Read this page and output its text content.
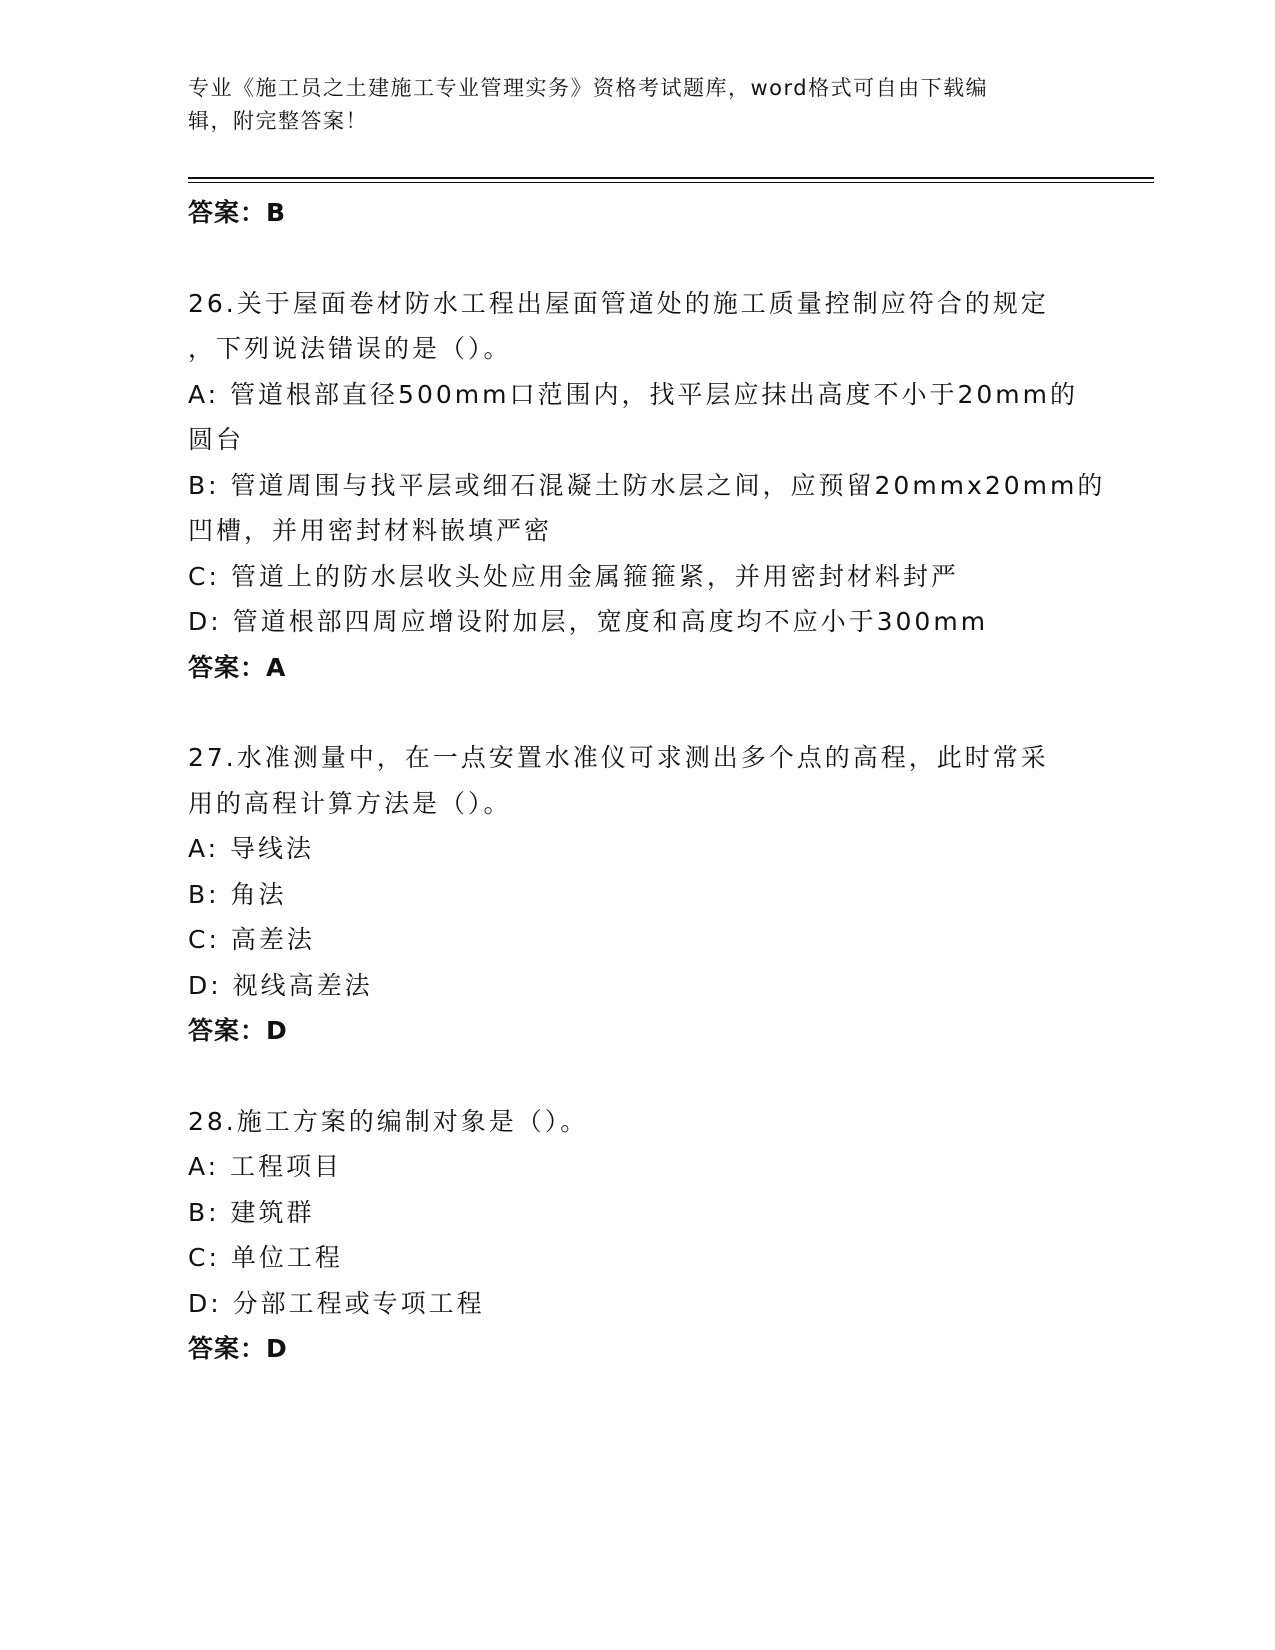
专业《施工员之土建施工专业管理实务》资格考试题库，word格式可自由下载编
辑，附完整答案！
答案：B
26.关于屋面卷材防水工程出屋面管道处的施工质量控制应符合的规定
，下列说法错误的是（）。
A: 管道根部直径500mm口范围内，找平层应抹出高度不小于20mm的
圆台
B: 管道周围与找平层或细石混凝土防水层之间，应预留20mmx20mm的
凹槽，并用密封材料嵌填严密
C: 管道上的防水层收头处应用金属箍箍紧，并用密封材料封严
D: 管道根部四周应增设附加层，宽度和高度均不应小于300mm
答案：A
27.水准测量中，在一点安置水准仪可求测出多个点的高程，此时常采
用的高程计算方法是（）。
A: 导线法
B: 角法
C: 高差法
D: 视线高差法
答案：D
28.施工方案的编制对象是（）。
A: 工程项目
B: 建筑群
C: 单位工程
D: 分部工程或专项工程
答案：D
